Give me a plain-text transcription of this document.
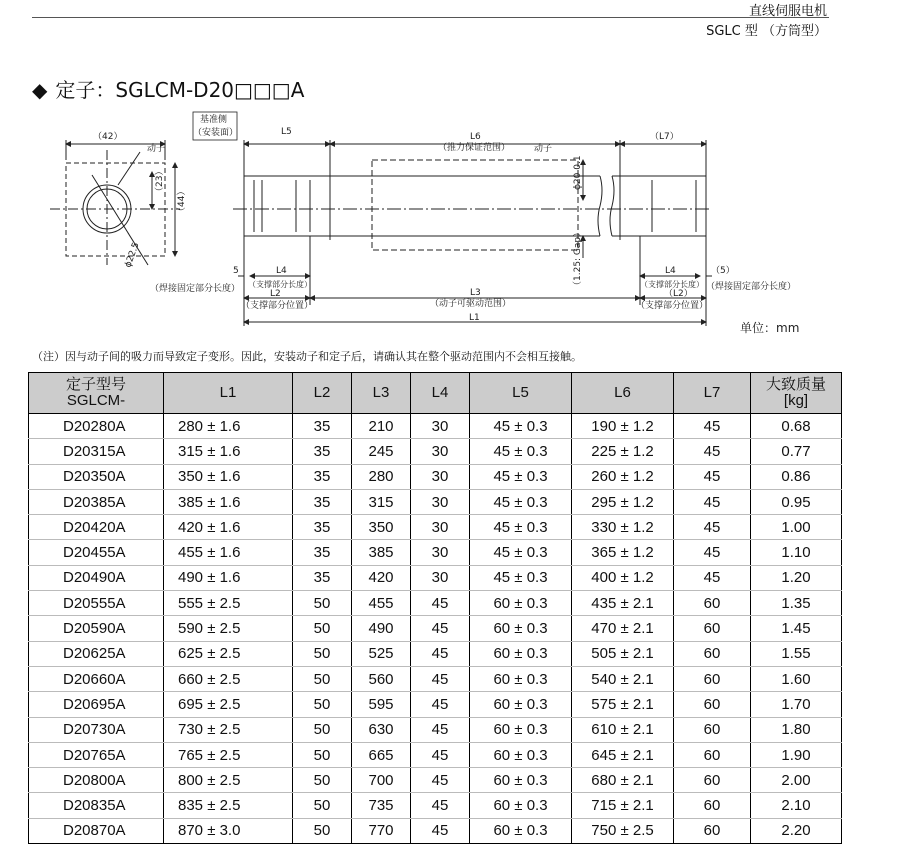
直线伺服电机
SGLC 型 （方筒型）
◆ 定子：SGLCM-D20□□□A
基准侧
（安装面）
（42）
动子
（23）
（44）
ϕ22.5
（焊接固定部分长度）
L5	L6
（推力保证范围）	动子
（L7）
ϕ20 0.1
（1.25: Gap）
5	L4
（支撑部分长度）
L2
（支撑部分位置）
L3
（动子可驱动范围）
L4
（支撑部分长度）
（L2）
（支撑部分位置）
（5）
（焊接固定部分长度）
L1
单位：mm
（注）因与动子间的吸力而导致定子变形。因此，安装动子和定子后，请确认其在整个驱动范围内不会相互接触。
定子型号
SGLCM-	L1	L2	L3	L4	L5	L6	L7	大致质量
[kg]
D20280A	280 ± 1.6	35	210	30	45 ± 0.3	190 ± 1.2	45	0.68
D20315A	315 ± 1.6	35	245	30	45 ± 0.3	225 ± 1.2	45	0.77
D20350A	350 ± 1.6	35	280	30	45 ± 0.3	260 ± 1.2	45	0.86
D20385A	385 ± 1.6	35	315	30	45 ± 0.3	295 ± 1.2	45	0.95
D20420A	420 ± 1.6	35	350	30	45 ± 0.3	330 ± 1.2	45	1.00
D20455A	455 ± 1.6	35	385	30	45 ± 0.3	365 ± 1.2	45	1.10
D20490A	490 ± 1.6	35	420	30	45 ± 0.3	400 ± 1.2	45	1.20
D20555A	555 ± 2.5	50	455	45	60 ± 0.3	435 ± 2.1	60	1.35
D20590A	590 ± 2.5	50	490	45	60 ± 0.3	470 ± 2.1	60	1.45
D20625A	625 ± 2.5	50	525	45	60 ± 0.3	505 ± 2.1	60	1.55
D20660A	660 ± 2.5	50	560	45	60 ± 0.3	540 ± 2.1	60	1.60
D20695A	695 ± 2.5	50	595	45	60 ± 0.3	575 ± 2.1	60	1.70
D20730A	730 ± 2.5	50	630	45	60 ± 0.3	610 ± 2.1	60	1.80
D20765A	765 ± 2.5	50	665	45	60 ± 0.3	645 ± 2.1	60	1.90
D20800A	800 ± 2.5	50	700	45	60 ± 0.3	680 ± 2.1	60	2.00
D20835A	835 ± 2.5	50	735	45	60 ± 0.3	715 ± 2.1	60	2.10
D20870A	870 ± 3.0	50	770	45	60 ± 0.3	750 ± 2.5	60	2.20
